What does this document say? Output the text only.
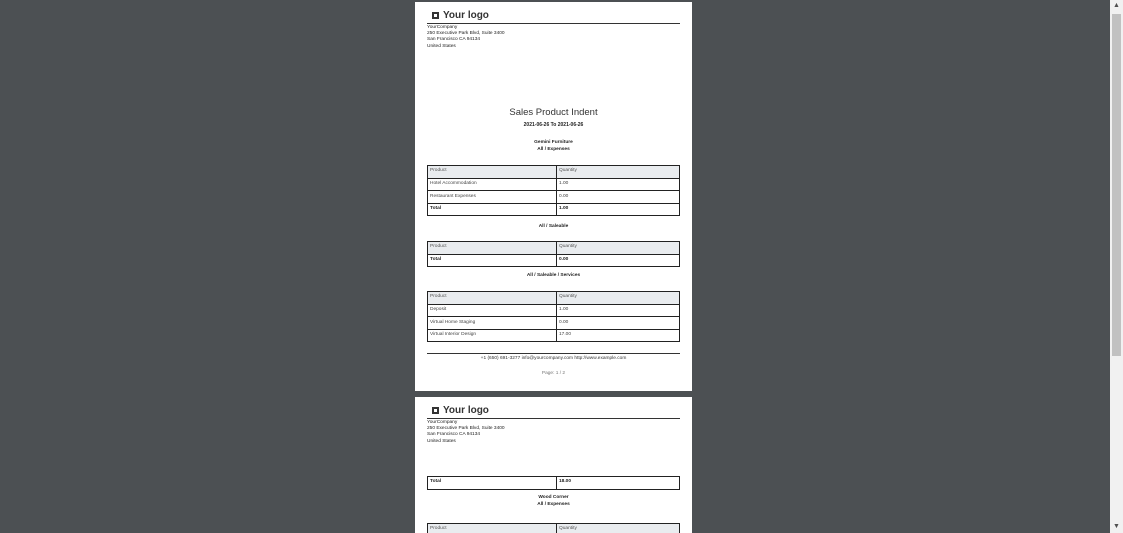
Your logo
YourCompany
250 Executive Park Blvd, Suite 3400
San Francisco CA 94134
United States
Sales Product Indent
2021-06-26 To 2021-06-26
Gemini Furniture
All / Expenses
Product	Quantity
Hotel Accommodation	1.00
Restaurant Expenses	0.00
Total	1.00
All / Saleable
Product	Quantity
Total	0.00
All / Saleable / Services
Product	Quantity
Deposit	1.00
Virtual Home Staging	0.00
Virtual Interior Design	17.00
+1 (650) 691-3277 info@yourcompany.com http://www.example.com
Page: 1 / 2
Your logo
YourCompany
250 Executive Park Blvd, Suite 3400
San Francisco CA 94134
United States
Total	18.00
Wood Corner
All / Expenses
Product	Quantity
▲
▼
